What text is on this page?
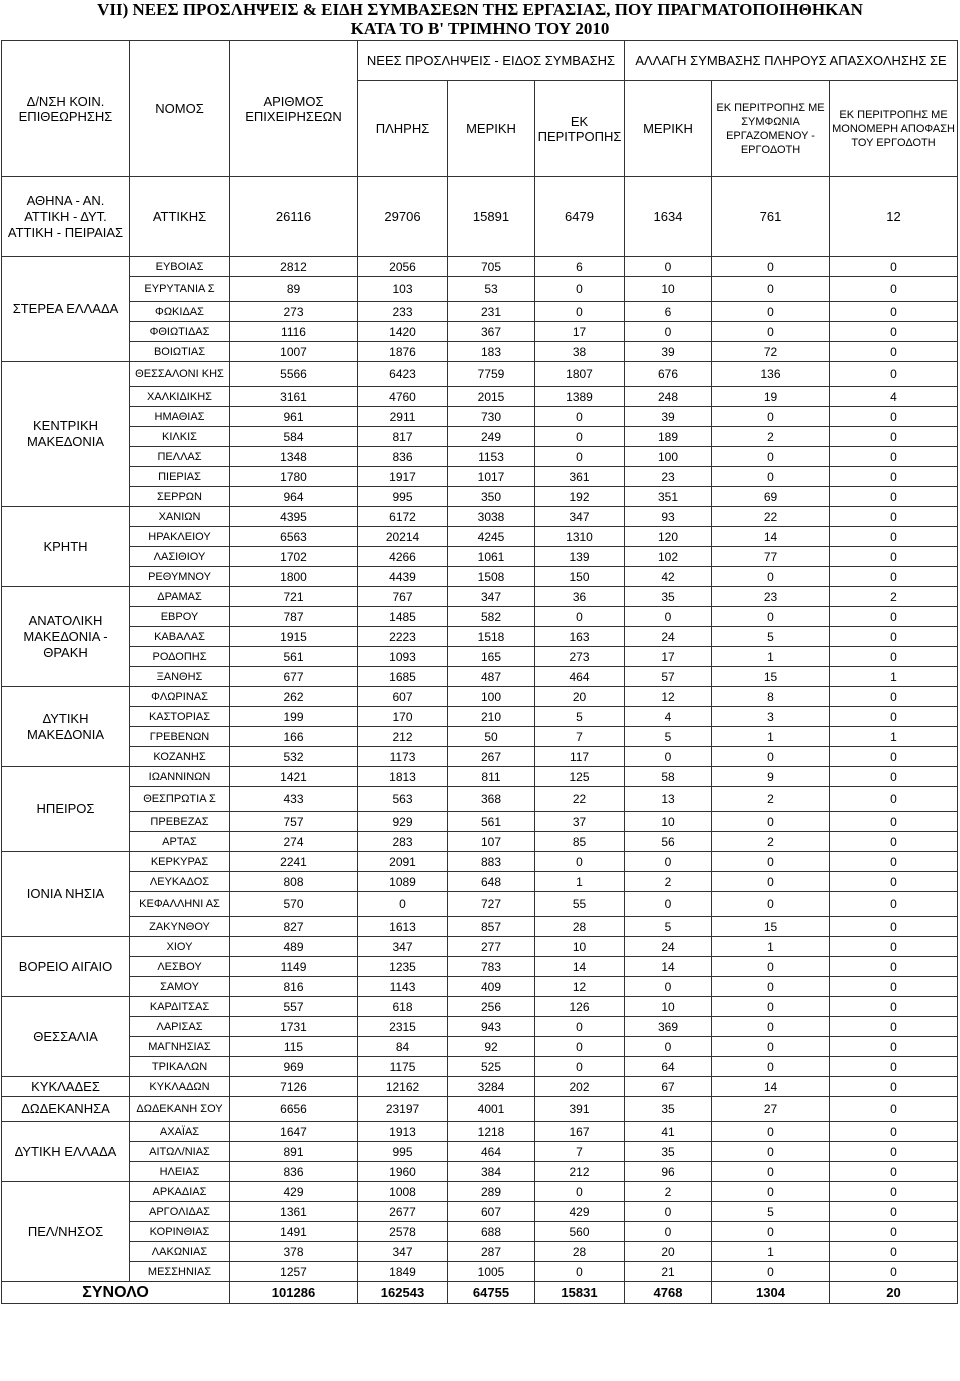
VII) ΝΕΕΣ ΠΡΟΣΛΗΨΕΙΣ & ΕΙΔΗ ΣΥΜΒΑΣΕΩΝ ΤΗΣ ΕΡΓΑΣΙΑΣ, ΠΟΥ ΠΡΑΓΜΑΤΟΠΟΙΗΘΗΚΑΝ
ΚΑΤΑ ΤΟ Β' ΤΡΙΜΗΝΟ ΤΟΥ 2010
Δ/ΝΣΗ ΚΟΙΝ. ΕΠΙΘΕΩΡΗΣΗΣ	ΝΟΜΟΣ	ΑΡΙΘΜΟΣ ΕΠΙΧΕΙΡΗΣΕΩΝ	ΝΕΕΣ ΠΡΟΣΛΗΨΕΙΣ - ΕΙΔΟΣ ΣΥΜΒΑΣΗΣ			ΑΛΛΑΓΗ ΣΥΜΒΑΣΗΣ ΠΛΗΡΟΥΣ ΑΠΑΣΧΟΛΗΣΗΣ ΣΕ		
			ΠΛΗΡΗΣ	ΜΕΡΙΚΗ	ΕΚ ΠΕΡΙΤΡΟΠΗΣ	ΜΕΡΙΚΗ	ΕΚ ΠΕΡΙΤΡΟΠΗΣ ΜΕ ΣΥΜΦΩΝΙΑ ΕΡΓΑΖΟΜΕΝΟΥ - ΕΡΓΟΔΟΤΗ	ΕΚ ΠΕΡΙΤΡΟΠΗΣ ΜΕ ΜΟΝΟΜΕΡΗ ΑΠΟΦΑΣΗ ΤΟΥ ΕΡΓΟΔΟΤΗ
ΑΘΗΝΑ - ΑΝ. ΑΤΤΙΚΗ - ΔΥΤ. ΑΤΤΙΚΗ - ΠΕΙΡΑΙΑΣ	ΑΤΤΙΚΗΣ	26116	29706	15891	6479	1634	761	12
ΣΤΕΡΕΑ ΕΛΛΑΔΑ	ΕΥΒΟΙΑΣ	2812	2056	705	6	0	0	0
	ΕΥΡΥΤΑΝΙΑ Σ	89	103	53	0	10	0	0
	ΦΩΚΙΔΑΣ	273	233	231	0	6	0	0
	ΦΘΙΩΤΙΔΑΣ	1116	1420	367	17	0	0	0
	ΒΟΙΩΤΙΑΣ	1007	1876	183	38	39	72	0
ΚΕΝΤΡΙΚΗ ΜΑΚΕΔΟΝΙΑ	ΘΕΣΣΑΛΟΝΙ ΚΗΣ	5566	6423	7759	1807	676	136	0
	ΧΑΛΚΙΔΙΚΗΣ	3161	4760	2015	1389	248	19	4
	ΗΜΑΘΙΑΣ	961	2911	730	0	39	0	0
	ΚΙΛΚΙΣ	584	817	249	0	189	2	0
	ΠΕΛΛΑΣ	1348	836	1153	0	100	0	0
	ΠΙΕΡΙΑΣ	1780	1917	1017	361	23	0	0
	ΣΕΡΡΩΝ	964	995	350	192	351	69	0
ΚΡΗΤΗ	ΧΑΝΙΩΝ	4395	6172	3038	347	93	22	0
	ΗΡΑΚΛΕΙΟΥ	6563	20214	4245	1310	120	14	0
	ΛΑΣΙΘΙΟΥ	1702	4266	1061	139	102	77	0
	ΡΕΘΥΜΝΟΥ	1800	4439	1508	150	42	0	0
ΑΝΑΤΟΛΙΚΗ ΜΑΚΕΔΟΝΙΑ - ΘΡΑΚΗ	ΔΡΑΜΑΣ	721	767	347	36	35	23	2
	ΕΒΡΟΥ	787	1485	582	0	0	0	0
	ΚΑΒΑΛΑΣ	1915	2223	1518	163	24	5	0
	ΡΟΔΟΠΗΣ	561	1093	165	273	17	1	0
	ΞΑΝΘΗΣ	677	1685	487	464	57	15	1
ΔΥΤΙΚΗ ΜΑΚΕΔΟΝΙΑ	ΦΛΩΡΙΝΑΣ	262	607	100	20	12	8	0
	ΚΑΣΤΟΡΙΑΣ	199	170	210	5	4	3	0
	ΓΡΕΒΕΝΩΝ	166	212	50	7	5	1	1
	ΚΟΖΑΝΗΣ	532	1173	267	117	0	0	0
ΗΠΕΙΡΟΣ	ΙΩΑΝΝΙΝΩΝ	1421	1813	811	125	58	9	0
	ΘΕΣΠΡΩΤΙΑ Σ	433	563	368	22	13	2	0
	ΠΡΕΒΕΖΑΣ	757	929	561	37	10	0	0
	ΑΡΤΑΣ	274	283	107	85	56	2	0
ΙΟΝΙΑ ΝΗΣΙΑ	ΚΕΡΚΥΡΑΣ	2241	2091	883	0	0	0	0
	ΛΕΥΚΑΔΟΣ	808	1089	648	1	2	0	0
	ΚΕΦΑΛΛΗΝΙ ΑΣ	570	0	727	55	0	0	0
	ΖΑΚΥΝΘΟΥ	827	1613	857	28	5	15	0
ΒΟΡΕΙΟ ΑΙΓΑΙΟ	ΧΙΟΥ	489	347	277	10	24	1	0
	ΛΕΣΒΟΥ	1149	1235	783	14	14	0	0
	ΣΑΜΟΥ	816	1143	409	12	0	0	0
ΘΕΣΣΑΛΙΑ	ΚΑΡΔΙΤΣΑΣ	557	618	256	126	10	0	0
	ΛΑΡΙΣΑΣ	1731	2315	943	0	369	0	0
	ΜΑΓΝΗΣΙΑΣ	115	84	92	0	0	0	0
	ΤΡΙΚΑΛΩΝ	969	1175	525	0	64	0	0
ΚΥΚΛΑΔΕΣ	ΚΥΚΛΑΔΩΝ	7126	12162	3284	202	67	14	0
ΔΩΔΕΚΑΝΗΣΑ	ΔΩΔΕΚΑΝΗ ΣΟΥ	6656	23197	4001	391	35	27	0
ΔΥΤΙΚΗ ΕΛΛΑΔΑ	ΑΧΑΪΑΣ	1647	1913	1218	167	41	0	0
	ΑΙΤΩΛ/ΝΙΑΣ	891	995	464	7	35	0	0
	ΗΛΕΙΑΣ	836	1960	384	212	96	0	0
ΠΕΛ/ΝΗΣΟΣ	ΑΡΚΑΔΙΑΣ	429	1008	289	0	2	0	0
	ΑΡΓΟΛΙΔΑΣ	1361	2677	607	429	0	5	0
	ΚΟΡΙΝΘΙΑΣ	1491	2578	688	560	0	0	0
	ΛΑΚΩΝΙΑΣ	378	347	287	28	20	1	0
	ΜΕΣΣΗΝΙΑΣ	1257	1849	1005	0	21	0	0
ΣΥΝΟΛΟ		101286	162543	64755	15831	4768	1304	20
